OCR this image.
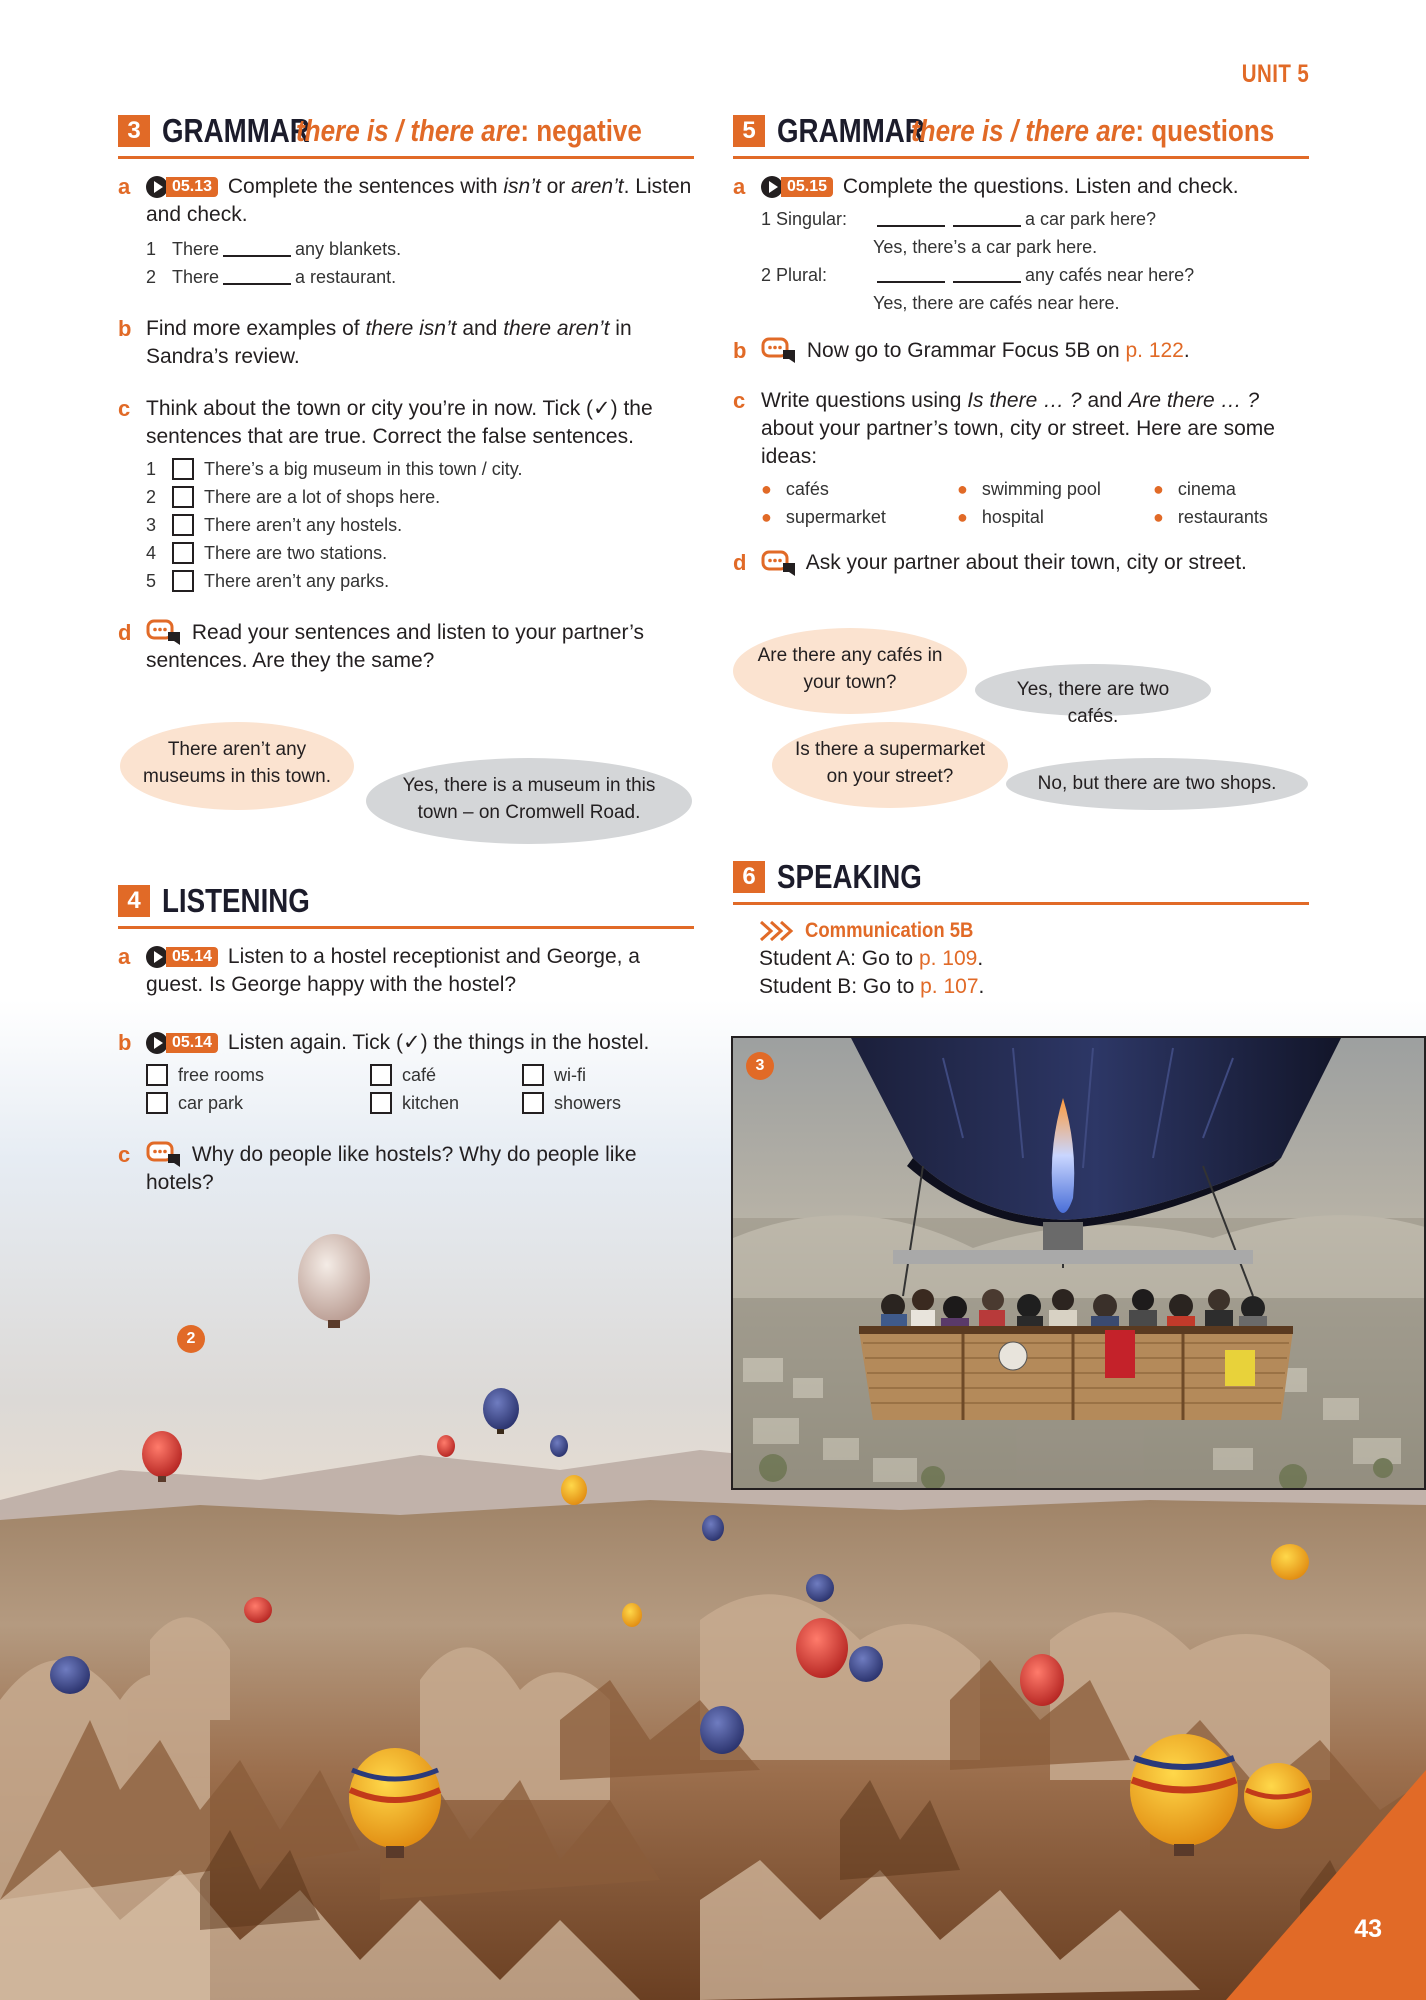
UNIT 5
3 GRAMMAR
there is / there are: negative
a	05.13 Complete the sentences with isn’t or aren’t. Listen and check.
1 There	any blankets.
2 There	a restaurant.
b Find more examples of there isn’t and there aren’t in Sandra’s review.
c Think about the town or city you’re in now. Tick (✓) the sentences that are true. Correct the false sentences.
1	There’s a big museum in this town / city.
2	There are a lot of shops here.
3	There aren’t any hostels.
4	There are two stations.
5	There aren’t any parks.
d	Read your sentences and listen to your partner’s sentences. Are they the same?
There aren’t any museums in this town.	Yes, there is a museum in this town – on Cromwell Road.
4 LISTENING
a	05.14 Listen to a hostel receptionist and George, a guest. Is George happy with the hostel?
b	05.14 Listen again. Tick (✓) the things in the hostel.
free rooms	café	wi-fi
car park	kitchen	showers
c	Why do people like hostels? Why do people like hotels?
5 GRAMMAR
there is / there are: questions
a	05.15 Complete the questions. Listen and check.
1 Singular:	a car park here?
Yes, there’s a car park here.
2 Plural:	any cafés near here?
Yes, there are cafés near here.
b	Now go to Grammar Focus 5B on p. 122.
c Write questions using Is there … ? and Are there … ? about your partner’s town, city or street. Here are some ideas:
● cafés	● swimming pool	● cinema
● supermarket	● hospital	● restaurants
d	Ask your partner about their town, city or street.
Are there any cafés in your town?	Yes, there are two cafés.
Is there a supermarket on your street?	No, but there are two shops.
6 SPEAKING
Communication 5B
Student A: Go to p. 109.
Student B: Go to p. 107.
2
3
43
